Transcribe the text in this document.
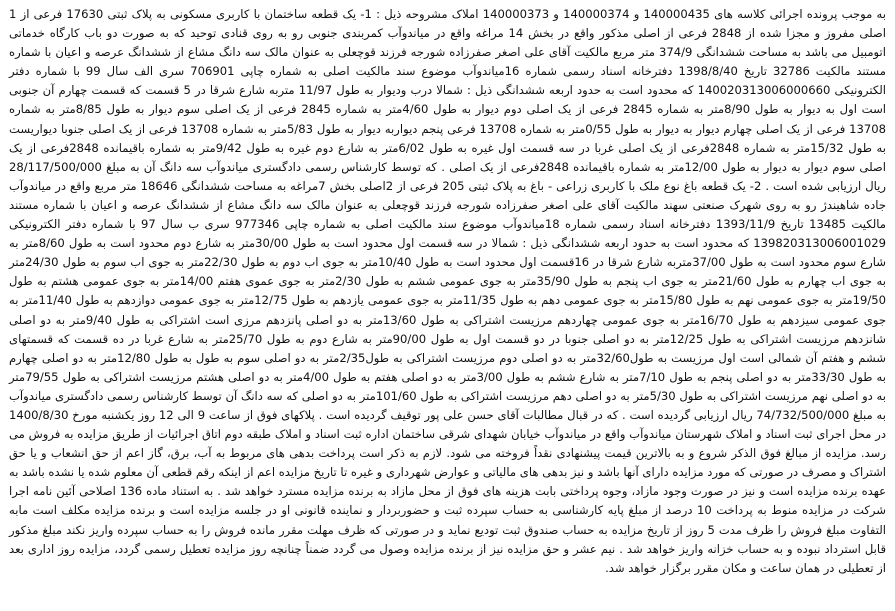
به موجب پرونده اجرائی کلاسه های 140000435 و 140000374 و 140000373 املاک مشروحه ذیل : 1- یک قطعه ساختمان با کاربری مسکونی به پلاک ثبتی 17630 فرعی از 1 اصلی مفروز و مجزا شده از 2848 فرعی از اصلی مذکور واقع در بخش 14 مراغه واقع در میاندوآب کمربندی جنوبی رو به روی قنادی توحید که به صورت دو باب کارگاه خدماتی اتومبیل می باشد به مساحت ششدانگی 374/9 متر مربع مالکیت آقای علی اصغر صفرزاده شورجه فرزند قوچعلی به عنوان مالک سه دانگ مشاع از ششدانگ عرصه و اعیان با شماره مستند مالکیت 32786 تاریخ 1398/8/40 دفترخانه اسناد رسمی شماره 16میاندوآب موضوع سند مالکیت اصلی به شماره چاپی 706901 سری الف سال 99 با شماره دفتر الکترونیکی 140020313006000660 که محدود است به حدود اربعه ششدانگی ذیل : شمالا درب ودیوار به طول 11/97 متربه شارع شرقا در 5 قسمت که قسمت چهارم آن جنوبی است اول به دیوار به طول 8/90متر به شماره 2845 فرعی از یک اصلی دوم دیوار به طول 4/60متر به شماره 2845 فرعی از یک اصلی سوم دیوار به طول 8/85متر به شماره 13708 فرعی از یک اصلی چهارم دیوار به دیوار به طول 0/55متر به شماره 13708 فرعی پنجم دیواربه دیوار به طول 5/83متر به شماره 13708 فرعی از یک اصلی جنوبا دیواریست به طول 15/32متر به شماره 2848فرعی از یک اصلی غربا در سه قسمت اول غیره به طول 6/02متر به شارع دوم غیره به طول 9/42متر به شماره باقیمانده 2848فرعی از یک اصلی سوم دیوار به دیوار به طول 12/00متر به شماره باقیمانده 2848فرعی از یک اصلی . که توسط کارشناس رسمی دادگستری میاندوآب سه دانگ آن به مبلغ 28/117/500/000 ریال ارزیابی شده است . 2- یک قطعه باغ نوع ملک با کاربری زراعی - باغ به پلاک ثبتی 205 فرعی از 2اصلی بخش 7مراغه به مساحت ششدانگی 18646 متر مربع واقع در میاندوآب جاده شاهیندژ رو به روی شهرک صنعتی سهند مالکیت آقای علی اصغر صفرزاده شورجه فرزند قوچعلی به عنوان مالک سه دانگ مشاع از ششدانگ عرصه و اعیان با شماره مستند مالکیت 13485 تاریخ 1393/11/9 دفترخانه اسناد رسمی شماره 18میاندوآب موضوع سند مالکیت اصلی به شماره چاپی 977346 سری ب سال 97 با شماره دفتر الکترونیکی 139820313006001029 که محدود است به حدود اربعه ششدانگی ذیل : شمالا در سه قسمت اول محدود است به طول 30/00متر به شارع دوم محدود است به طول 8/60متر به شارع سوم محدود است به طول 37/00متربه شارع شرقا در 16قسمت اول محدود است به طول 10/40متر به جوی اب دوم به طول 22/30متر به جوی اب سوم به طول 24/30متر به جوی اب چهارم به طول 21/60متر به جوی اب پنجم به طول 35/90متر به جوی عمومی ششم به طول 2/30متر به جوی عموی هفتم 14/00متر به جوی عمومی هشتم به طول 19/50متر به جوی عمومی نهم به طول 15/80متر به جوی عمومی دهم به طول 11/35متر به جوی عمومی یازدهم به طول 12/75متر به جوی عمومی دوازدهم به طول 11/40متر به جوی عمومی سیزدهم به طول 16/70متر به جوی عمومی چهاردهم مرزیست اشتراکی به طول 13/60متر به دو اصلی پانزدهم مرزی است اشتراکی به طول 9/40متر به دو اصلی شانزدهم مرزیست اشتراکی به طول 12/25متر به دو اصلی جنوبا در دو قسمت اول به طول 90/00متر به شارع دوم به طول 25/70متر به شارع غربا در ده قسمت که قسمتهای ششم و هفتم آن شمالی است اول مرزیست به طول32/60متر به دو اصلی دوم مرزیست اشتراکی به طول2/35متر به دو اصلی سوم به طول به طول 12/80متر به دو اصلی چهارم به طول 33/30متر به دو اصلی پنجم به طول 7/10متر به شارع ششم به طول 3/00متر به دو اصلی هفتم به طول 4/00متر به دو اصلی هشتم مرزیست اشتراکی به طول 79/55متر به دو اصلی نهم مرزیست اشتراکی به طول 5/30متر به دو اصلی دهم مرزیست اشتراکی به طول 101/60متر به دو اصلی که سه دانگ آن توسط کارشناس رسمی دادگستری میاندوآب به مبلغ 74/732/500/000 ریال ارزیابی گردیده است . که در قبال مطالبات آقای حسن علی پور توقیف گردیده است . پلاکهای فوق از ساعت 9 الی 12 روز یکشنبه مورخ 1400/8/30 در محل اجرای ثبت اسناد و املاک شهرستان میاندوآب واقع در میاندوآب خیابان شهدای شرقی ساختمان اداره ثبت اسناد و املاک طبقه دوم اتاق اجرائیات از طریق مزایده به فروش می رسد. مزایده از مبالغ فوق الذکر شروع و به بالاترین قیمت پیشنهادی نقداً فروخته می شود. لازم به ذکر است پرداخت بدهی های مربوط به آب، برق، گاز اعم از حق انشعاب و یا حق اشتراک و مصرف در صورتی که مورد مزایده دارای آنها باشد و نیز بدهی های مالیاتی و عوارض شهرداری و غیره تا تاریخ مزایده اعم از اینکه رقم قطعی آن معلوم شده یا نشده باشد به عهده برنده مزایده است و نیز در صورت وجود مازاد، وجوه پرداختی بابت هزینه های فوق از محل مازاد به برنده مزایده مسترد خواهد شد . به استناد ماده 136 اصلاحی آئین نامه اجرا شرکت در مزایده منوط به پرداخت 10 درصد از مبلغ پایه کارشناسی به حساب سپرده ثبت و حضوربردار و نماینده قانونی او در جلسه مزایده است و برنده مزایده مکلف است مابه التفاوت مبلغ فروش را ظرف مدت 5 روز از تاریخ مزایده به حساب صندوق ثبت تودیع نماید و در صورتی که ظرف مهلت مقرر مانده فروش را به حساب سپرده واریز نکند مبلغ مذکور قابل استرداد نبوده و به حساب خزانه واریز خواهد شد . نیم عشر و حق مزایده نیز از برنده مزایده وصول می گردد ضمناً چنانچه روز مزایده تعطیل رسمی گردد، مزایده روز اداری بعد از تعطیلی در همان ساعت و مکان مقرر برگزار خواهد شد.
